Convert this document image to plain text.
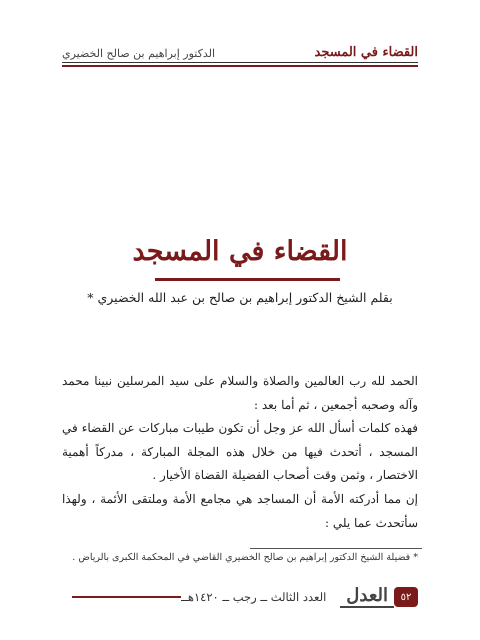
القضاء في المسجد
الدكتور إبراهيم بن صالح الخضيري
القضاء في المسجد
بقلم الشيخ الدكتور إبراهيم بن صالح بن عبد الله الخضيري *

الحمد لله رب العالمين والصلاة والسلام على سيد المرسلين نبينا محمد وآله وصحبه أجمعين ، ثم أما بعد :

فهذه كلمات أسأل الله عز وجل أن تكون طيبات مباركات عن القضاء في المسجد ، أتحدث فيها من خلال هذه المجلة المباركة ، مدركاً أهمية الاختصار ، وثمن وقت أصحاب الفضيلة القضاة الأخيار .

إن مما أدركته الأمة أن المساجد هي مجامع الأمة وملتقى الأئمة ، ولهذا سأتحدث عما يلي :

* فضيلة الشيخ الدكتور إبراهيم بن صالح الخضيري القاضي في المحكمة الكبرى بالرياض .
٥٢
العدل
العدد الثالث ــ رجب ــ ١٤٢٠هــ
